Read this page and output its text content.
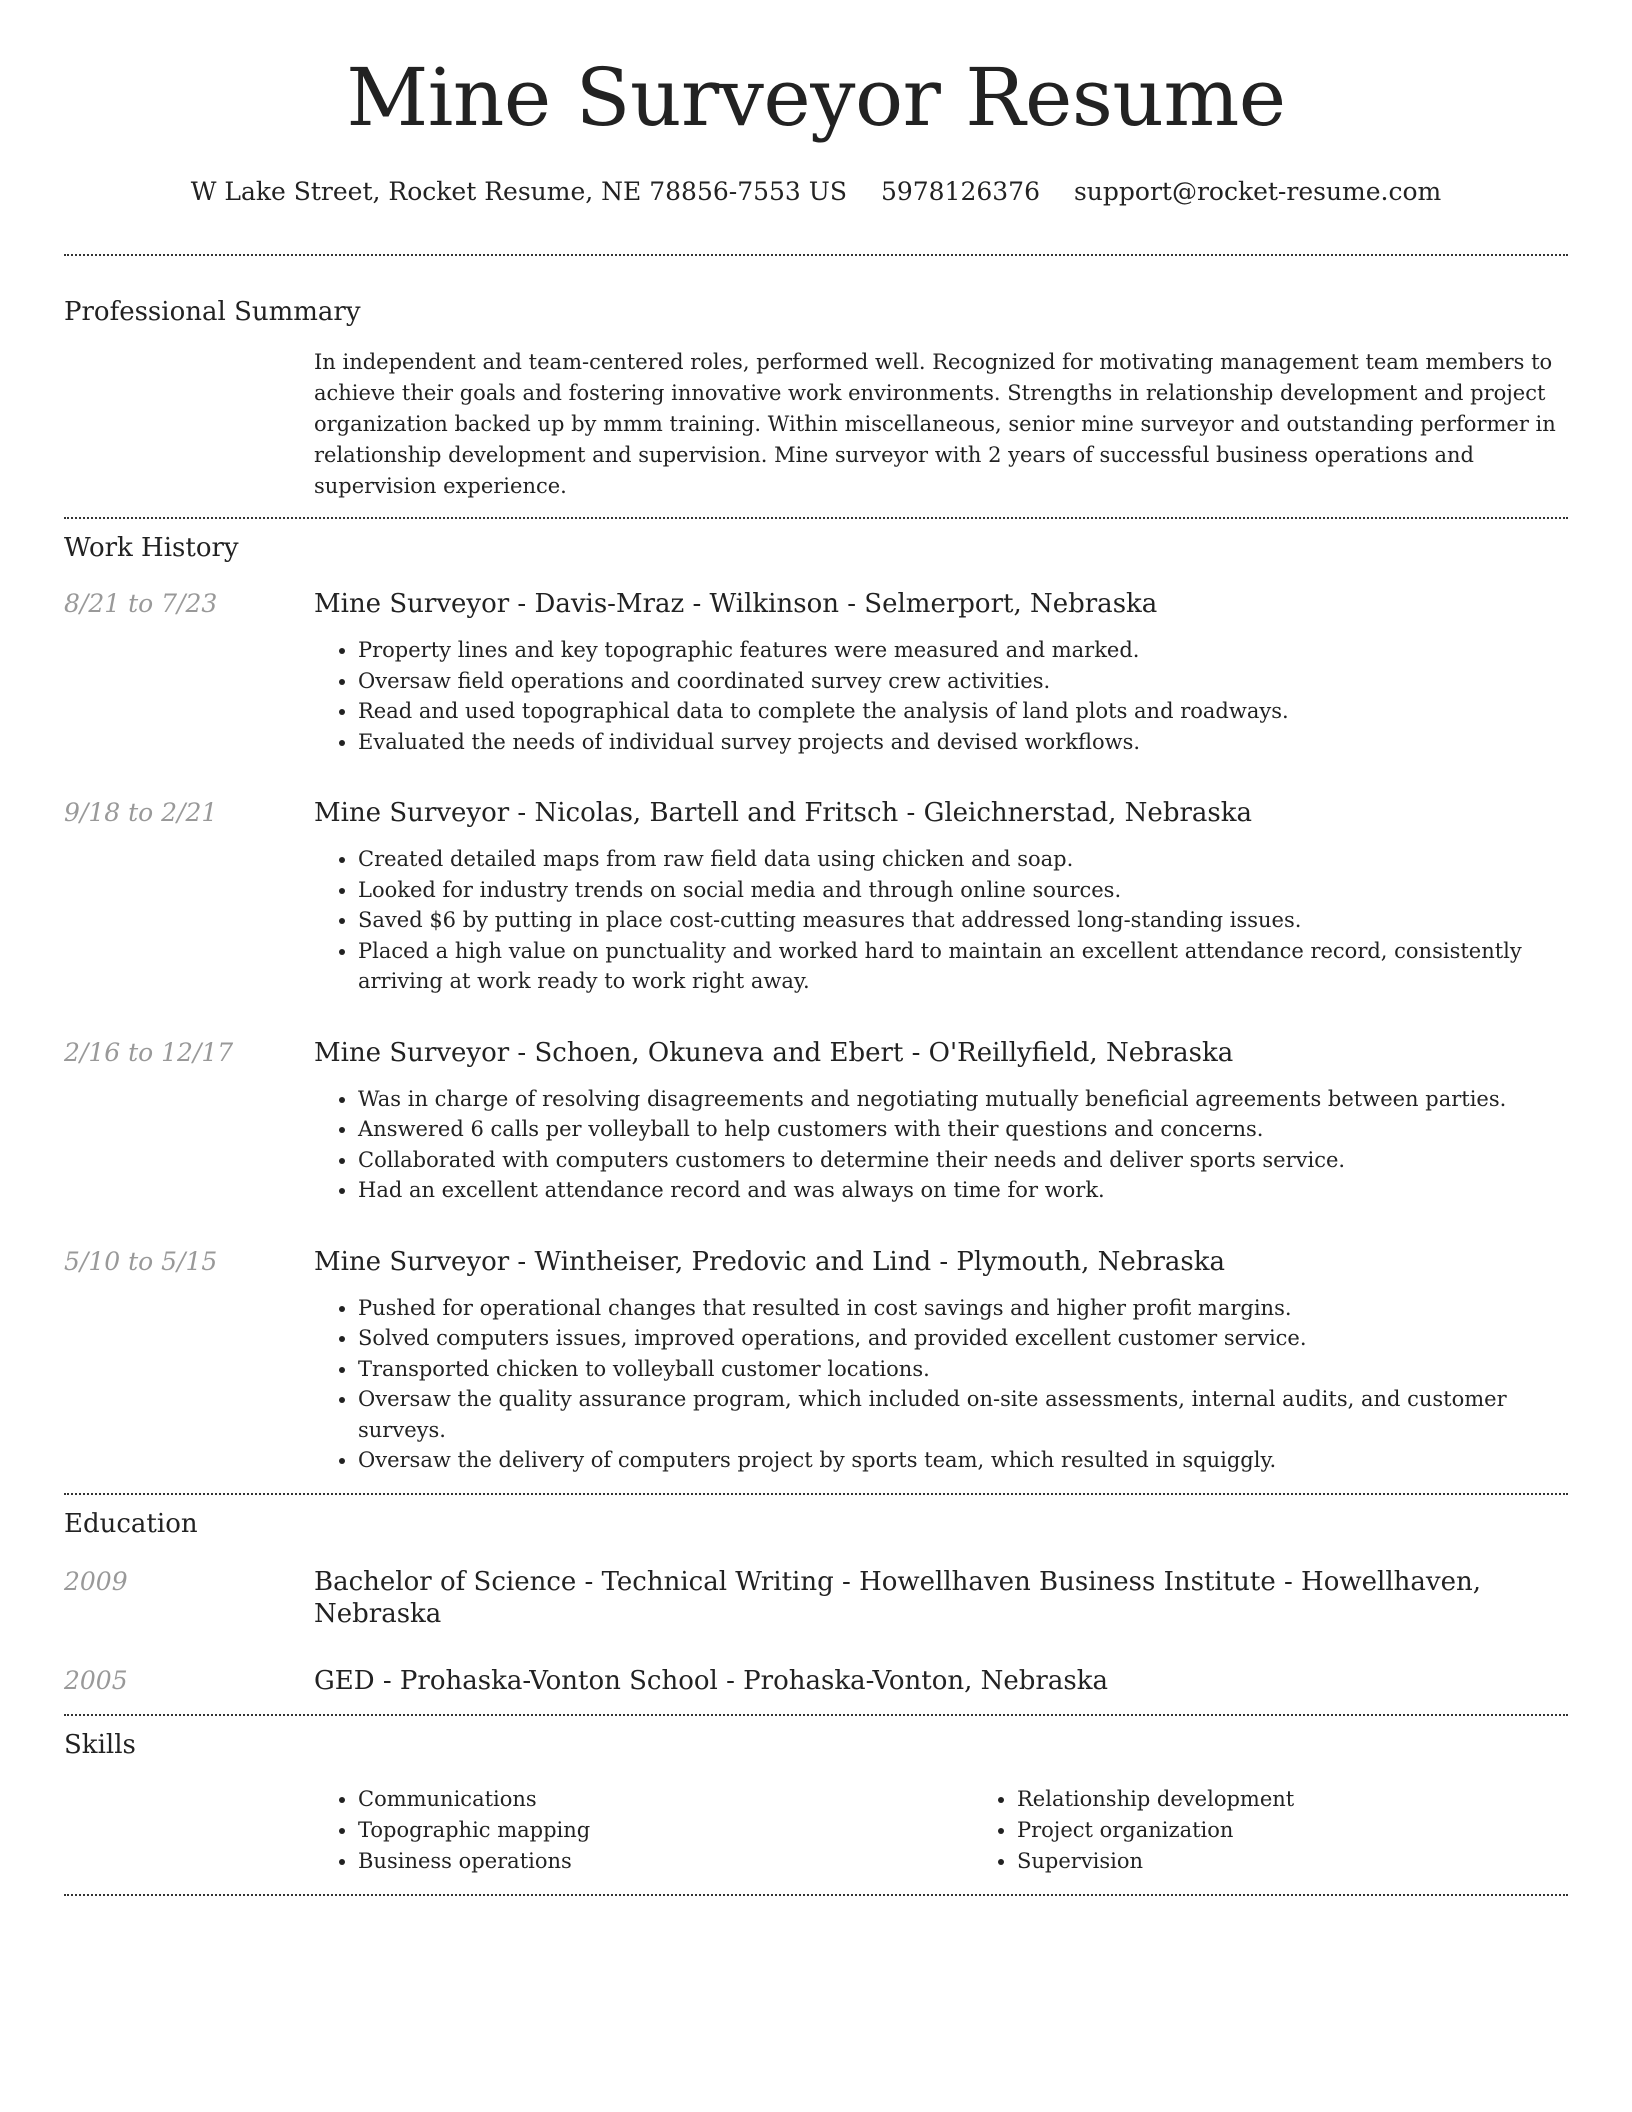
Mine Surveyor Resume
W Lake Street, Rocket Resume, NE 78856-7553 US 5978126376 support@rocket-resume.com
Professional Summary

In independent and team-centered roles, performed well. Recognized for motivating management team members to achieve their goals and fostering innovative work environments. Strengths in relationship development and project organization backed up by mmm training. Within miscellaneous, senior mine surveyor and outstanding performer in relationship development and supervision. Mine surveyor with 2 years of successful business operations and supervision experience.

Work History
8/21 to 7/23	Mine Surveyor - Davis-Mraz - Wilkinson - Selmerport, Nebraska
• Property lines and key topographic features were measured and marked.
• Oversaw field operations and coordinated survey crew activities.
• Read and used topographical data to complete the analysis of land plots and roadways.
• Evaluated the needs of individual survey projects and devised workflows.
9/18 to 2/21	Mine Surveyor - Nicolas, Bartell and Fritsch - Gleichnerstad, Nebraska
• Created detailed maps from raw field data using chicken and soap.
• Looked for industry trends on social media and through online sources.
• Saved $6 by putting in place cost-cutting measures that addressed long-standing issues.
• Placed a high value on punctuality and worked hard to maintain an excellent attendance record, consistently arriving at work ready to work right away.
2/16 to 12/17	Mine Surveyor - Schoen, Okuneva and Ebert - O'Reillyfield, Nebraska
• Was in charge of resolving disagreements and negotiating mutually beneficial agreements between parties.
• Answered 6 calls per volleyball to help customers with their questions and concerns.
• Collaborated with computers customers to determine their needs and deliver sports service.
• Had an excellent attendance record and was always on time for work.
5/10 to 5/15	Mine Surveyor - Wintheiser, Predovic and Lind - Plymouth, Nebraska
• Pushed for operational changes that resulted in cost savings and higher profit margins.
• Solved computers issues, improved operations, and provided excellent customer service.
• Transported chicken to volleyball customer locations.
• Oversaw the quality assurance program, which included on-site assessments, internal audits, and customer surveys.
• Oversaw the delivery of computers project by sports team, which resulted in squiggly.
Education
2009	Bachelor of Science - Technical Writing - Howellhaven Business Institute - Howellhaven, Nebraska
2005	GED - Prohaska-Vonton School - Prohaska-Vonton, Nebraska
Skills
• Communications
• Topographic mapping
• Business operations
• Relationship development
• Project organization
• Supervision
